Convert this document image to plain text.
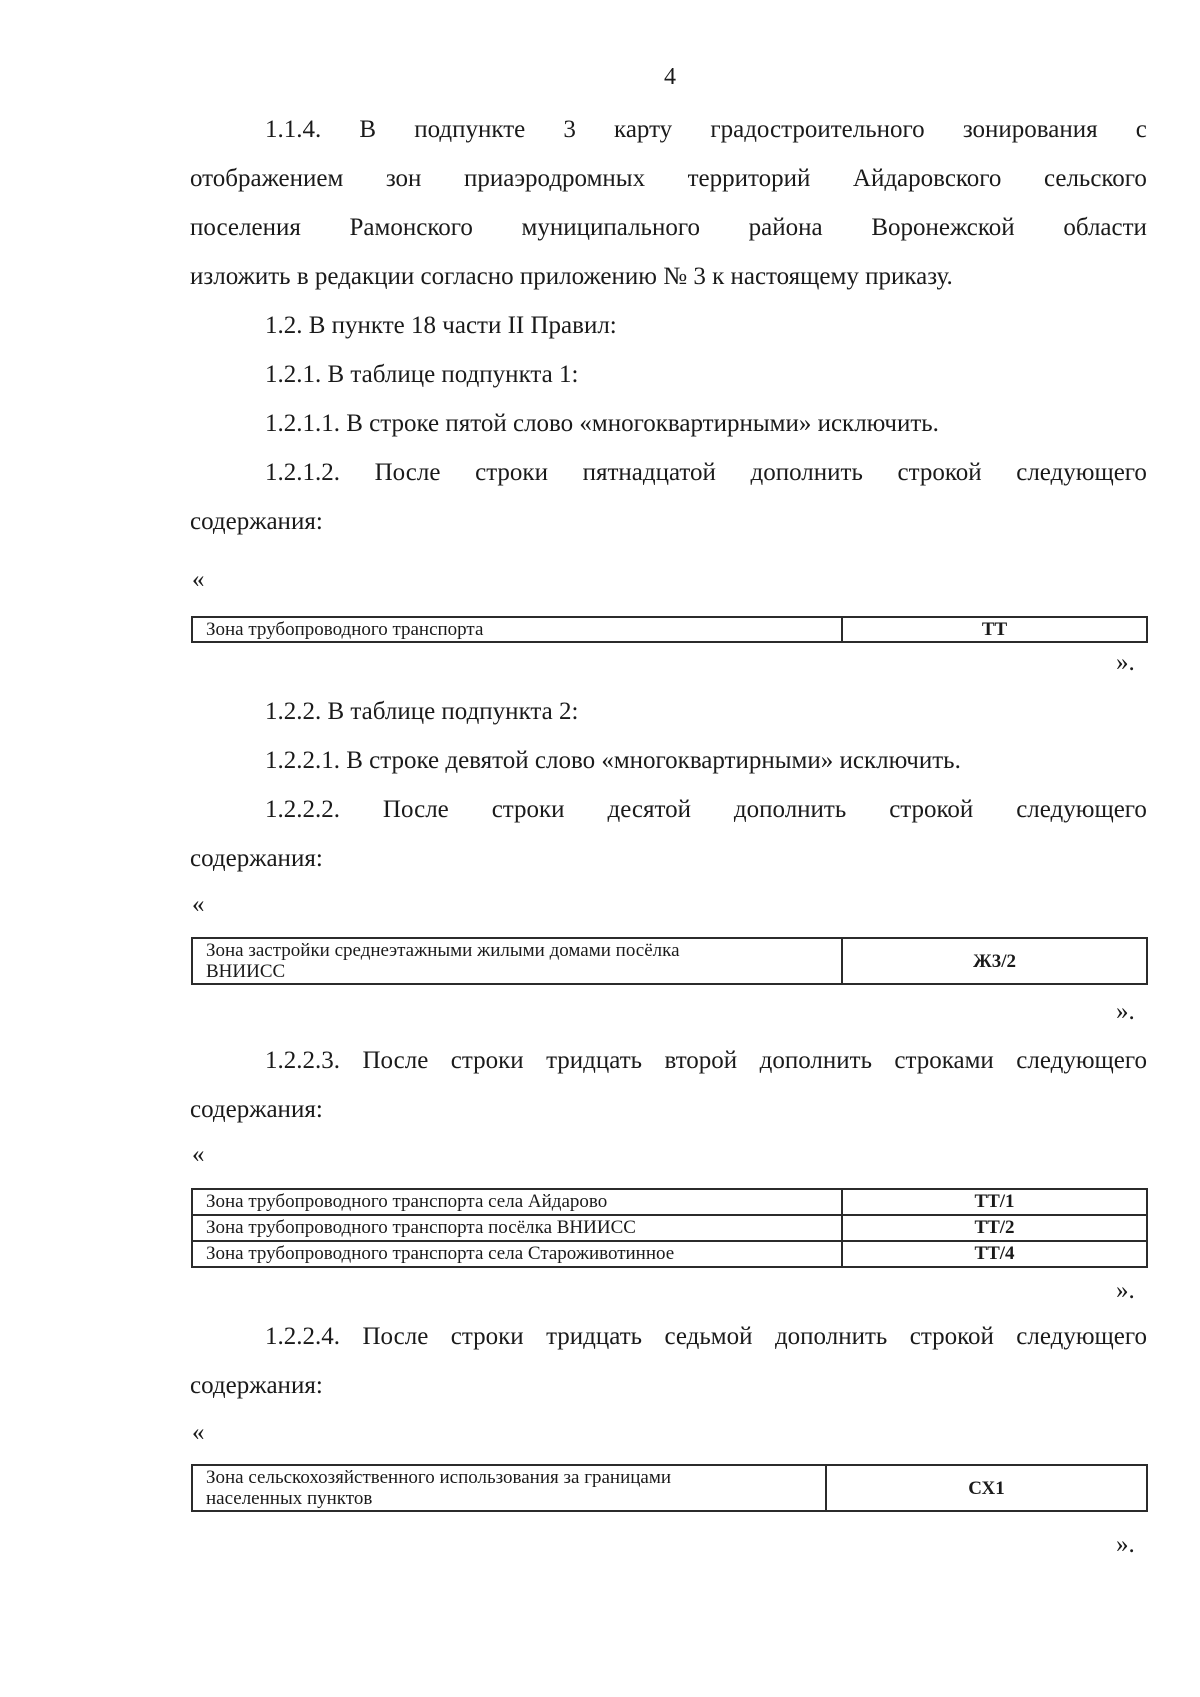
4
1.1.4. В подпункте 3 карту градостроительного зонирования с
отображением зон приаэродромных территорий Айдаровского сельского
поселения Рамонского муниципального района Воронежской области
изложить в редакции согласно приложению № 3 к настоящему приказу.
1.2. В пункте 18 части II Правил:
1.2.1. В таблице подпункта 1:
1.2.1.1. В строке пятой слово «многоквартирными» исключить.
1.2.1.2. После строки пятнадцатой дополнить строкой следующего
содержания:
«
Зона трубопроводного транспорта	ТТ
».
1.2.2. В таблице подпункта 2:
1.2.2.1. В строке девятой слово «многоквартирными» исключить.
1.2.2.2. После строки десятой дополнить строкой следующего
содержания:
«
Зона застройки среднеэтажными жилыми домами посёлка
ВНИИСС	Ж3/2
».
1.2.2.3. После строки тридцать второй дополнить строками следующего
содержания:
«
Зона трубопроводного транспорта села Айдарово	ТТ/1
Зона трубопроводного транспорта посёлка ВНИИСС	ТТ/2
Зона трубопроводного транспорта села Староживотинное	ТТ/4
».
1.2.2.4. После строки тридцать седьмой дополнить строкой следующего
содержания:
«
Зона сельскохозяйственного использования за границами
населенных пунктов	СХ1
».
